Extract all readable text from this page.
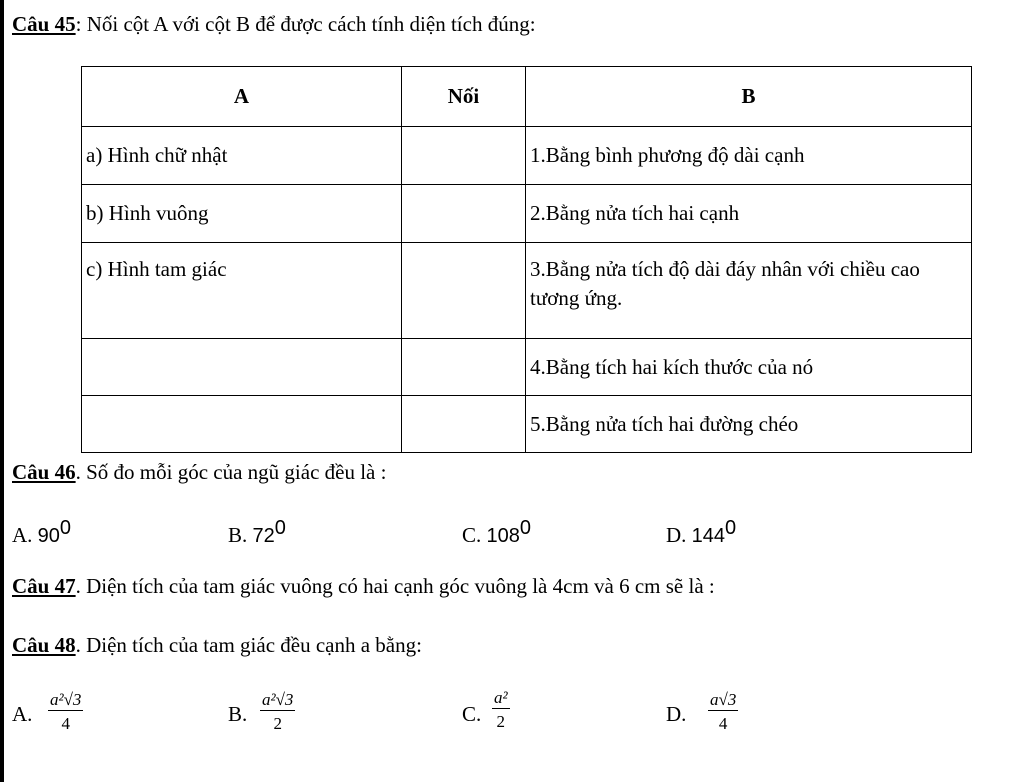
Câu 45: Nối cột A với cột B để được cách tính diện tích đúng:
A	Nối	B
a) Hình chữ nhật		1.Bằng bình phương độ dài cạnh
b) Hình vuông		2.Bằng nửa tích hai cạnh
c) Hình tam giác		3.Bằng nửa tích độ dài đáy nhân với chiều cao tương ứng.
		4.Bằng tích hai kích thước của nó
		5.Bằng nửa tích hai đường chéo
Câu 46. Số đo mỗi góc của ngũ giác đều là :
A. $90^0$	B. $72^0$	C. $108^0$	D. $144^0$
Câu 47. Diện tích của tam giác vuông có hai cạnh góc vuông là 4cm và 6 cm sẽ là :
Câu 48. Diện tích của tam giác đều cạnh a bằng:
A. $\frac{\text{a²√3}}{4}$	B. $\frac{\text{a²√3}}{2}$	C. $\frac{\text{a²}}{2}$	D. $\frac{a√3}{4}$
